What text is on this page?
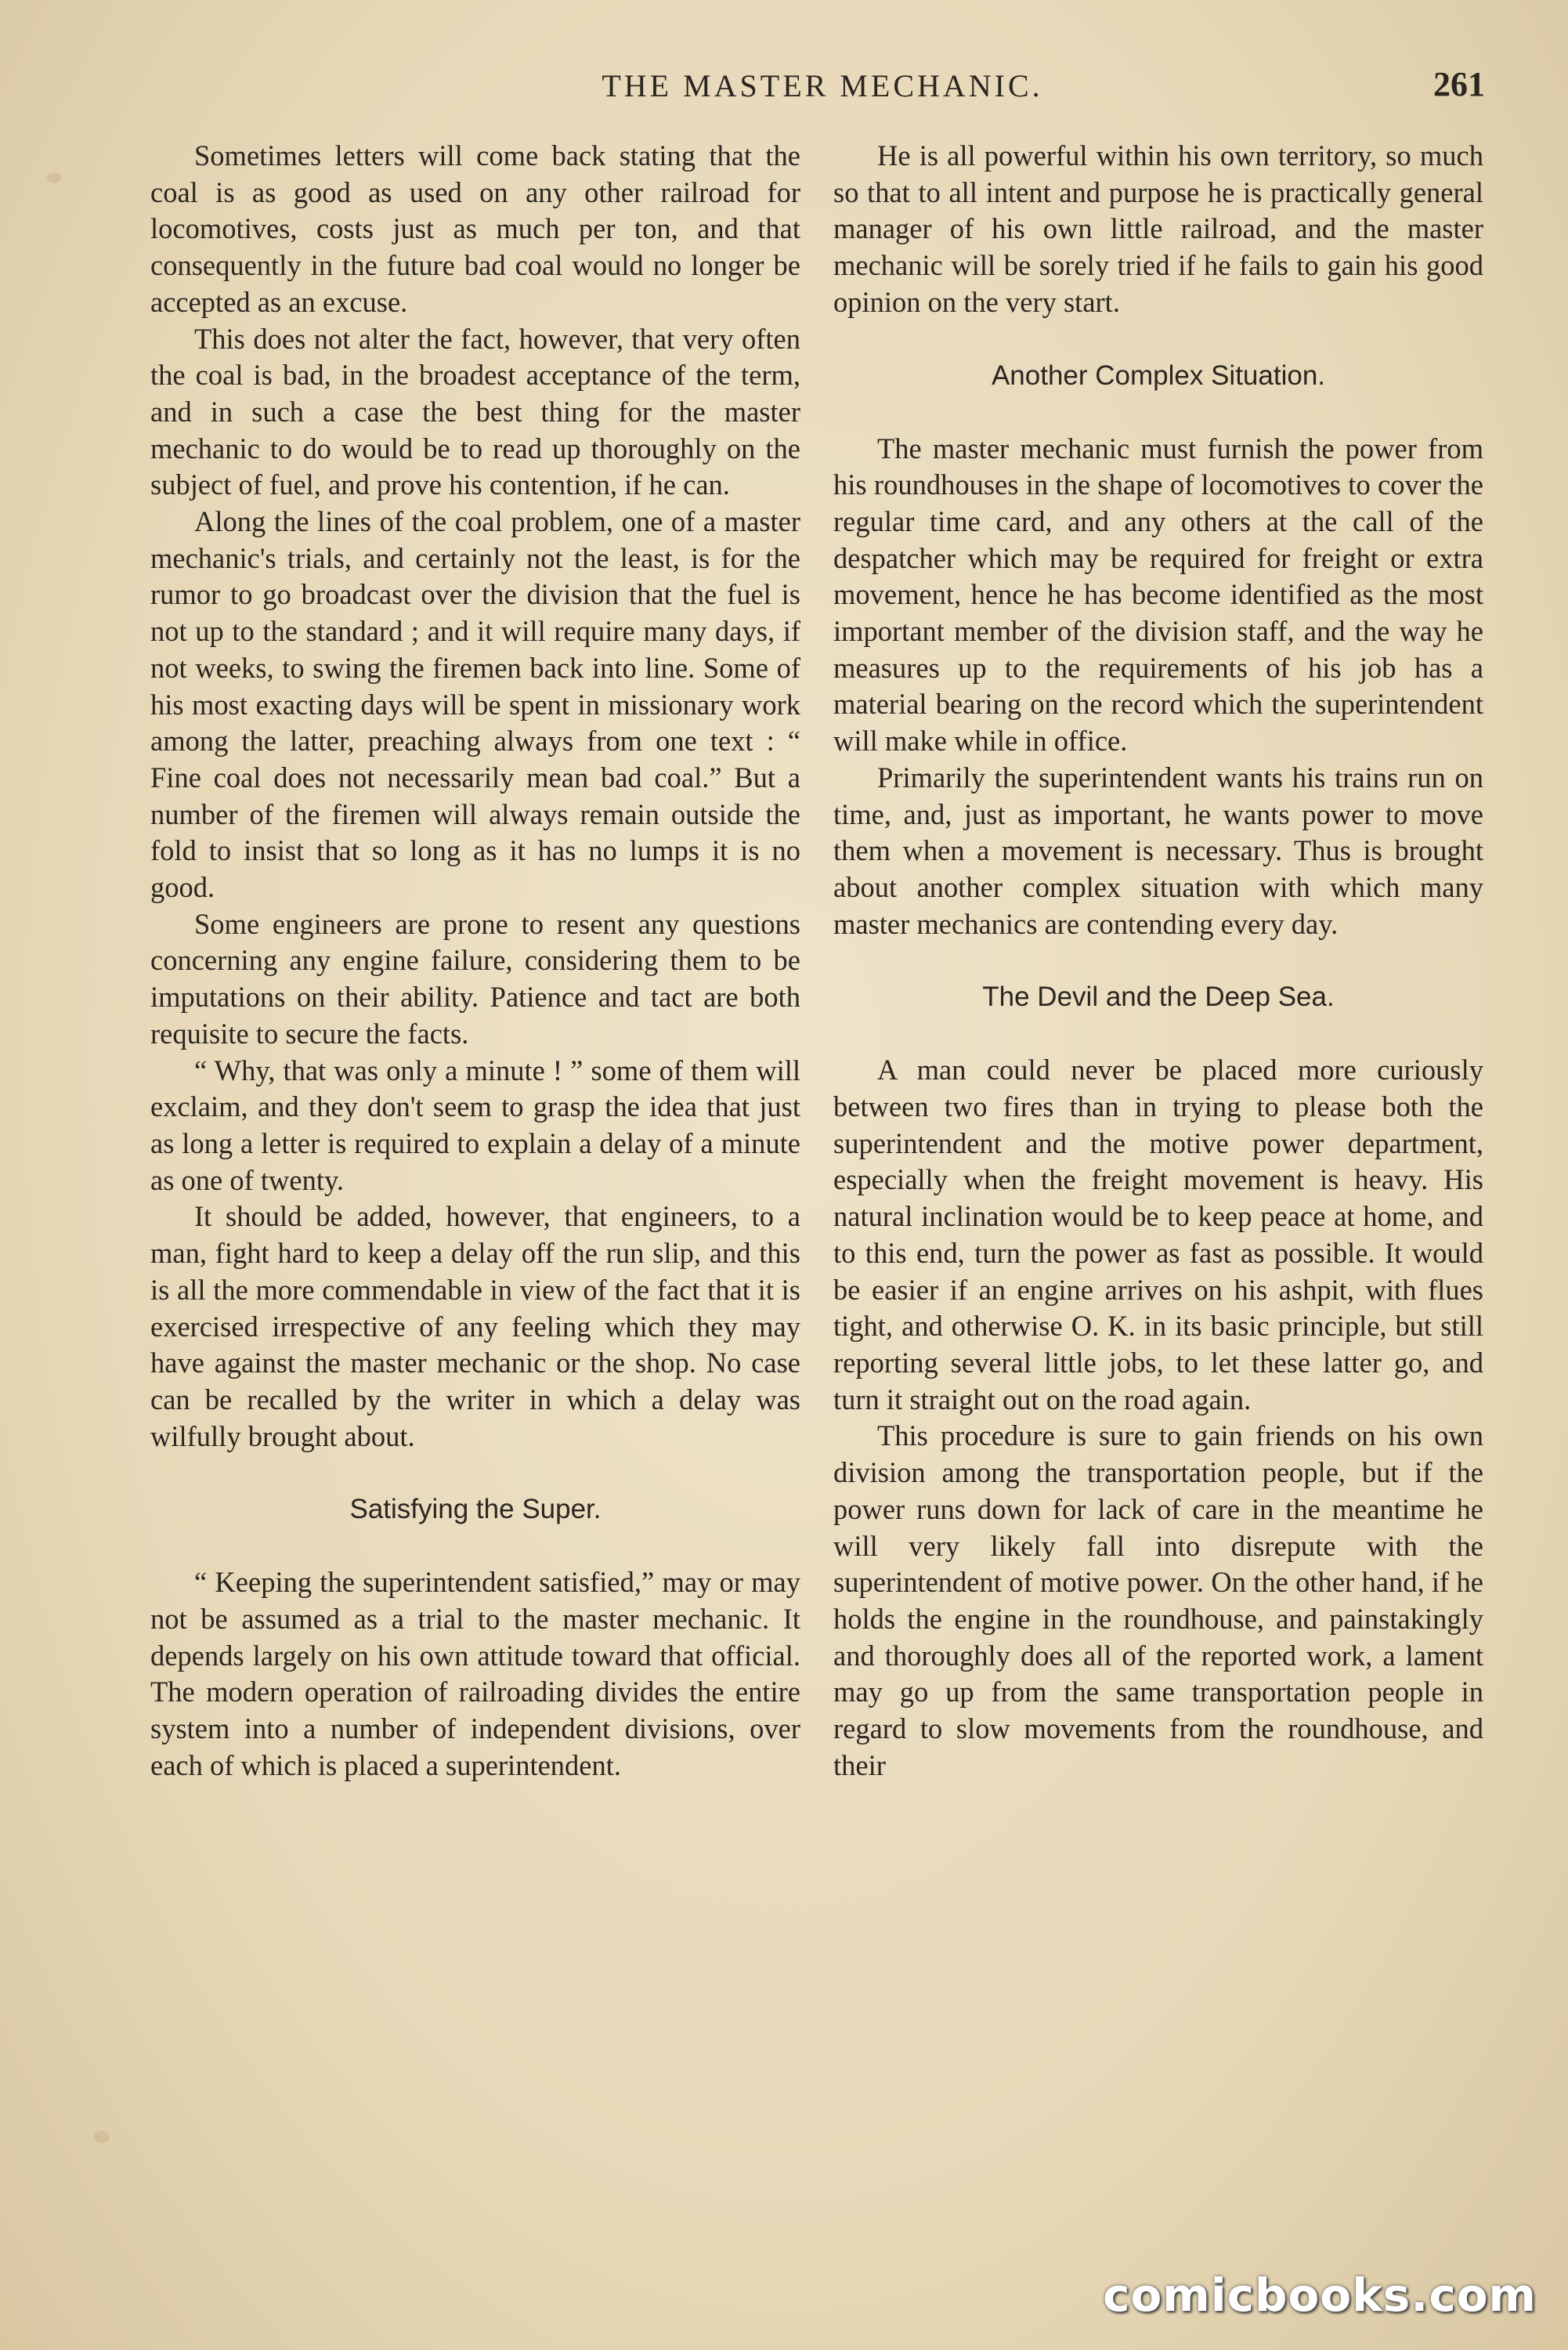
THE MASTER MECHANIC.	261

Sometimes letters will come back stating that the coal is as good as used on any other railroad for locomotives, costs just as much per ton, and that consequently in the future bad coal would no longer be accepted as an excuse.

This does not alter the fact, however, that very often the coal is bad, in the broadest acceptance of the term, and in such a case the best thing for the master mechanic to do would be to read up thoroughly on the subject of fuel, and prove his contention, if he can.

Along the lines of the coal problem, one of a master mechanic's trials, and certainly not the least, is for the rumor to go broadcast over the division that the fuel is not up to the standard ; and it will require many days, if not weeks, to swing the firemen back into line. Some of his most exacting days will be spent in missionary work among the latter, preaching always from one text : “ Fine coal does not necessarily mean bad coal.” But a number of the firemen will always remain outside the fold to insist that so long as it has no lumps it is no good.

Some engineers are prone to resent any questions concerning any engine failure, considering them to be imputations on their ability. Patience and tact are both requisite to secure the facts.

“ Why, that was only a minute ! ” some of them will exclaim, and they don't seem to grasp the idea that just as long a letter is required to explain a delay of a minute as one of twenty.

It should be added, however, that engineers, to a man, fight hard to keep a delay off the run slip, and this is all the more commendable in view of the fact that it is exercised irrespective of any feeling which they may have against the master mechanic or the shop. No case can be recalled by the writer in which a delay was wilfully brought about.

Satisfying the Super.

“ Keeping the superintendent satisfied,” may or may not be assumed as a trial to the master mechanic. It depends largely on his own attitude toward that official. The modern operation of railroading divides the entire system into a number of independent divisions, over each of which is placed a superintendent.

He is all powerful within his own territory, so much so that to all intent and purpose he is practically general manager of his own little railroad, and the master mechanic will be sorely tried if he fails to gain his good opinion on the very start.

Another Complex Situation.

The master mechanic must furnish the power from his roundhouses in the shape of locomotives to cover the regular time card, and any others at the call of the despatcher which may be required for freight or extra movement, hence he has become identified as the most important member of the division staff, and the way he measures up to the requirements of his job has a material bearing on the record which the superintendent will make while in office.

Primarily the superintendent wants his trains run on time, and, just as important, he wants power to move them when a movement is necessary. Thus is brought about another complex situation with which many master mechanics are contending every day.

The Devil and the Deep Sea.

A man could never be placed more curiously between two fires than in trying to please both the superintendent and the motive power department, especially when the freight movement is heavy. His natural inclination would be to keep peace at home, and to this end, turn the power as fast as possible. It would be easier if an engine arrives on his ashpit, with flues tight, and otherwise O. K. in its basic principle, but still reporting several little jobs, to let these latter go, and turn it straight out on the road again.

This procedure is sure to gain friends on his own division among the transportation people, but if the power runs down for lack of care in the meantime he will very likely fall into disrepute with the superintendent of motive power. On the other hand, if he holds the engine in the roundhouse, and painstakingly and thoroughly does all of the reported work, a lament may go up from the same transportation people in regard to slow movements from the roundhouse, and their

comicbooks.com
